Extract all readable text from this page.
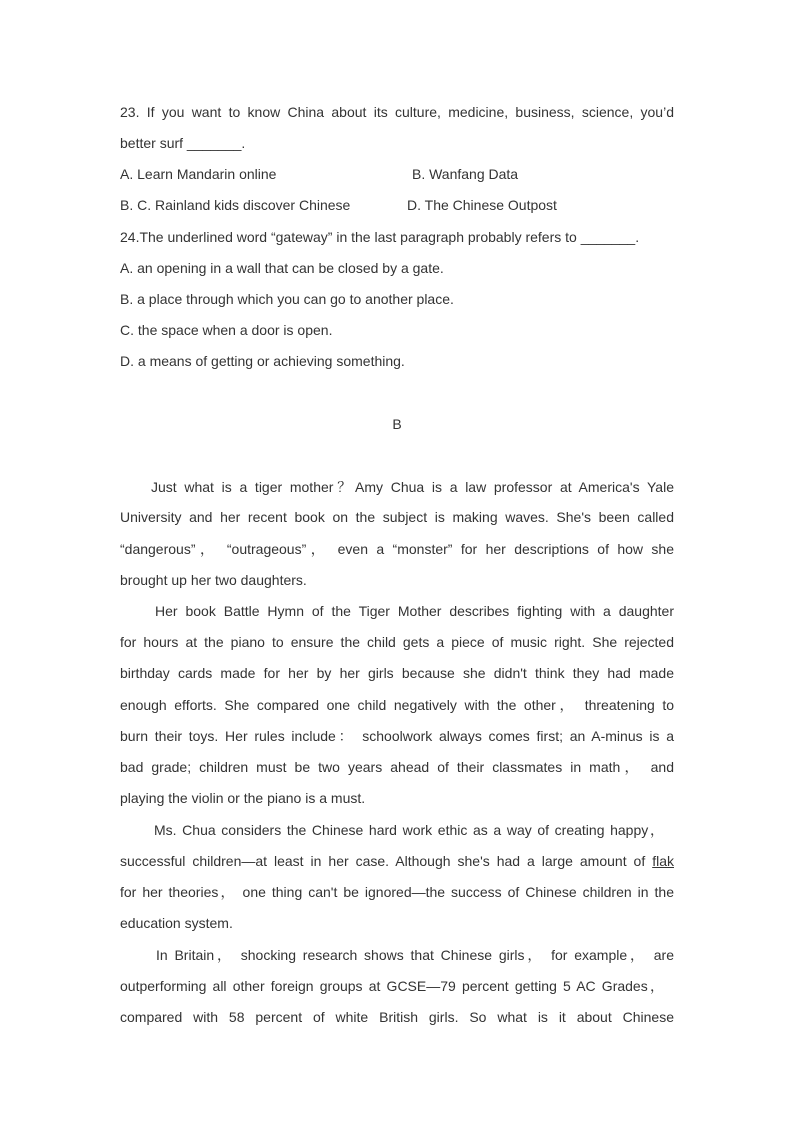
23. If you want to know China about its culture, medicine, business, science, you’d
better surf _______.
A. Learn Mandarin online	B. Wanfang Data
B. C. Rainland kids discover Chinese	D. The Chinese Outpost
24.The underlined word “gateway” in the last paragraph probably refers to _______.
A. an opening in a wall that can be closed by a gate.
B. a place through which you can go to another place.
C. the space when a door is open.
D. a means of getting or achieving something.
B
Just what is a tiger mother？Amy Chua is a law professor at America's Yale
University and her recent book on the subject is making waves. She's been called
“dangerous”， “outrageous”， even a “monster” for her descriptions of how she
brought up her two daughters.
Her book Battle Hymn of the Tiger Mother describes fighting with a daughter
for hours at the piano to ensure the child gets a piece of music right. She rejected
birthday cards made for her by her girls because she didn't think they had made
enough efforts. She compared one child negatively with the other， threatening to
burn their toys. Her rules include： schoolwork always comes first; an A-minus is a
bad grade; children must be two years ahead of their classmates in math， and
playing the violin or the piano is a must.
Ms. Chua considers the Chinese hard work ethic as a way of creating happy，
successful children—at least in her case. Although she's had a large amount of flak
for her theories， one thing can't be ignored—the success of Chinese children in the
education system.
In Britain， shocking research shows that Chinese girls， for example， are
outperforming all other foreign groups at GCSE—79 percent getting 5 AC Grades，
compared with 58 percent of white British girls. So what is it about Chinese
